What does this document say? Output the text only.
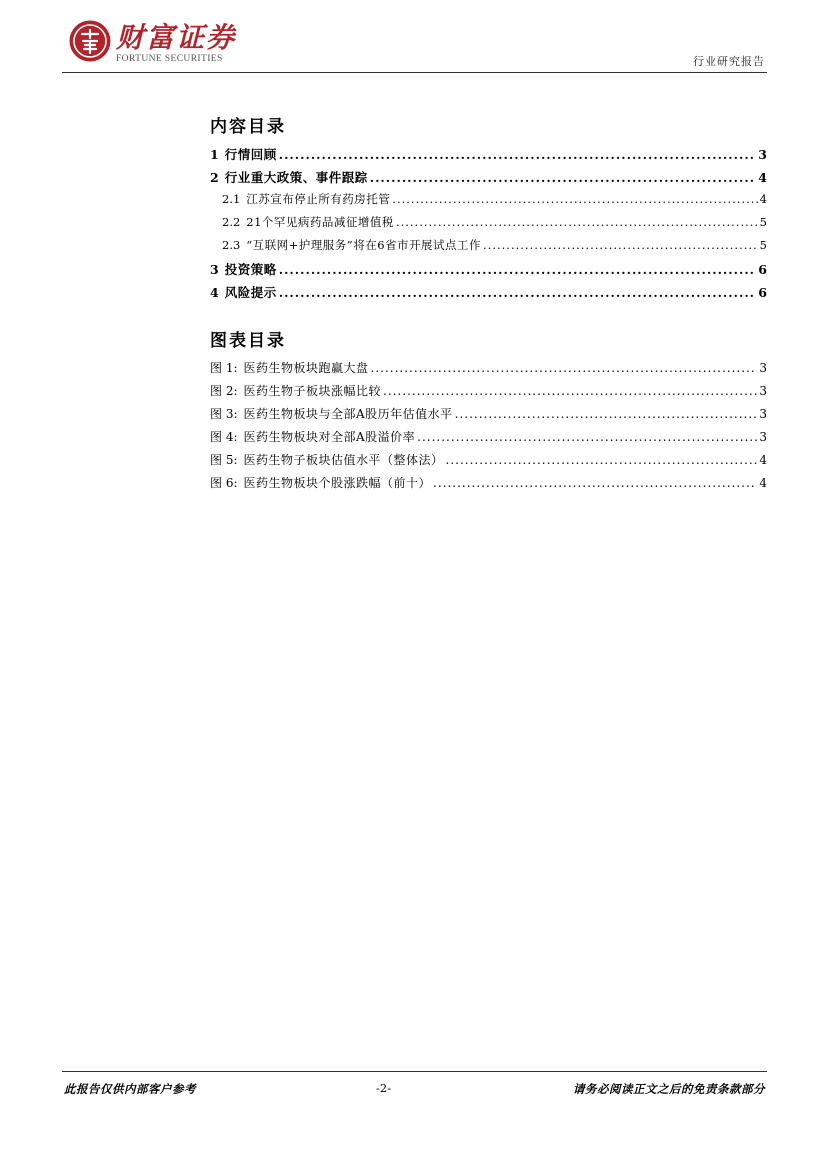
财富证券
FORTUNE SECURITIES	行业研究报告
内容目录
1 行情回顾 .....	3
2 行业重大政策、事件跟踪 .....	4
2.1 江苏宣布停止所有药房托管 .....	4
2.2 21个罕见病药品减征增值税 .....	5
2.3 “互联网+护理服务”将在6省市开展试点工作 .....	5
3 投资策略 .....	6
4 风险提示 .....	6
图表目录
图 1: 医药生物板块跑赢大盘 .....	3
图 2: 医药生物子板块涨幅比较 .....	3
图 3: 医药生物板块与全部A股历年估值水平 .....	3
图 4: 医药生物板块对全部A股溢价率 .....	3
图 5: 医药生物子板块估值水平（整体法） .....	4
图 6: 医药生物板块个股涨跌幅（前十） .....	4
此报告仅供内部客户参考	-2-	请务必阅读正文之后的免责条款部分
